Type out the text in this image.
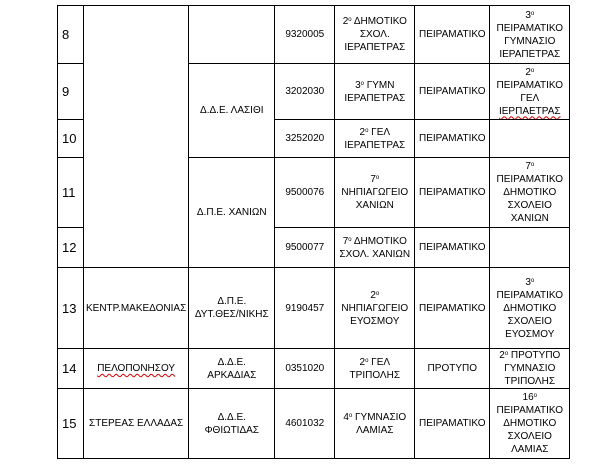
8			9320005	$2^o$ ΔΗΜΟΤΙΚΟ
ΣΧΟΛ.
ΙΕΡΑΠΕΤΡΑΣ	ΠΕΙΡΑΜΑΤΙΚΟ	$3^o$
ΠΕΙΡΑΜΑΤΙΚΟ
ΓΥΜΝΑΣΙΟ
ΙΕΡΑΠΕΤΡΑΣ
9		Δ.Δ.Ε. ΛΑΣΙΘΙ	3202030	$3^o$ ΓΥΜΝ
ΙΕΡΑΠΕΤΡΑΣ	ΠΕΙΡΑΜΑΤΙΚΟ	$2^o$
ΠΕΙΡΑΜΑΤΙΚΟ
ΓΕΛ
ΙΕΡΠΑΕΤΡΑΣ
10			3252020	$2^o$ ΓΕΛ
ΙΕΡΑΠΕΤΡΑΣ	ΠΕΙΡΑΜΑΤΙΚΟ	
11		Δ.Π.Ε. ΧΑΝΙΩΝ	9500076	$7^o$
ΝΗΠΙΑΓΩΓΕΙΟ
ΧΑΝΙΩΝ	ΠΕΙΡΑΜΑΤΙΚΟ	$7^o$
ΠΕΙΡΑΜΑΤΙΚΟ
ΔΗΜΟΤΙΚΟ
ΣΧΟΛΕΙΟ
ΧΑΝΙΩΝ
12			9500077	$7^o$ ΔΗΜΟΤΙΚΟ
ΣΧΟΛ. ΧΑΝΙΩΝ	ΠΕΙΡΑΜΑΤΙΚΟ	
13	ΚΕΝΤΡ.ΜΑΚΕΔΟΝΙΑΣ	Δ.Π.Ε.
ΔΥΤ.ΘΕΣ/ΝΙΚΗΣ	9190457	$2^o$
ΝΗΠΙΑΓΩΓΕΙΟ
ΕΥΟΣΜΟΥ	ΠΕΙΡΑΜΑΤΙΚΟ	$3^o$
ΠΕΙΡΑΜΑΤΙΚΟ
ΔΗΜΟΤΙΚΟ
ΣΧΟΛΕΙΟ
ΕΥΟΣΜΟΥ
14	ΠΕΛΟΠΟΝΗΣΟΥ	Δ.Δ.Ε.
ΑΡΚΑΔΙΑΣ	0351020	$2^o$ ΓΕΛ
ΤΡΙΠΟΛΗΣ	ΠΡΟΤΥΠΟ	$2^o$ ΠΡΟΤΥΠΟ
ΓΥΜΝΑΣΙΟ
ΤΡΙΠΟΛΗΣ
15	ΣΤΕΡΕΑΣ ΕΛΛΑΔΑΣ	Δ.Δ.Ε.
ΦΘΙΩΤΙΔΑΣ	4601032	$4^o$ ΓΥΜΝΑΣΙΟ
ΛΑΜΙΑΣ	ΠΕΙΡΑΜΑΤΙΚΟ	$16^o$
ΠΕΙΡΑΜΑΤΙΚΟ
ΔΗΜΟΤΙΚΟ
ΣΧΟΛΕΙΟ
ΛΑΜΙΑΣ
